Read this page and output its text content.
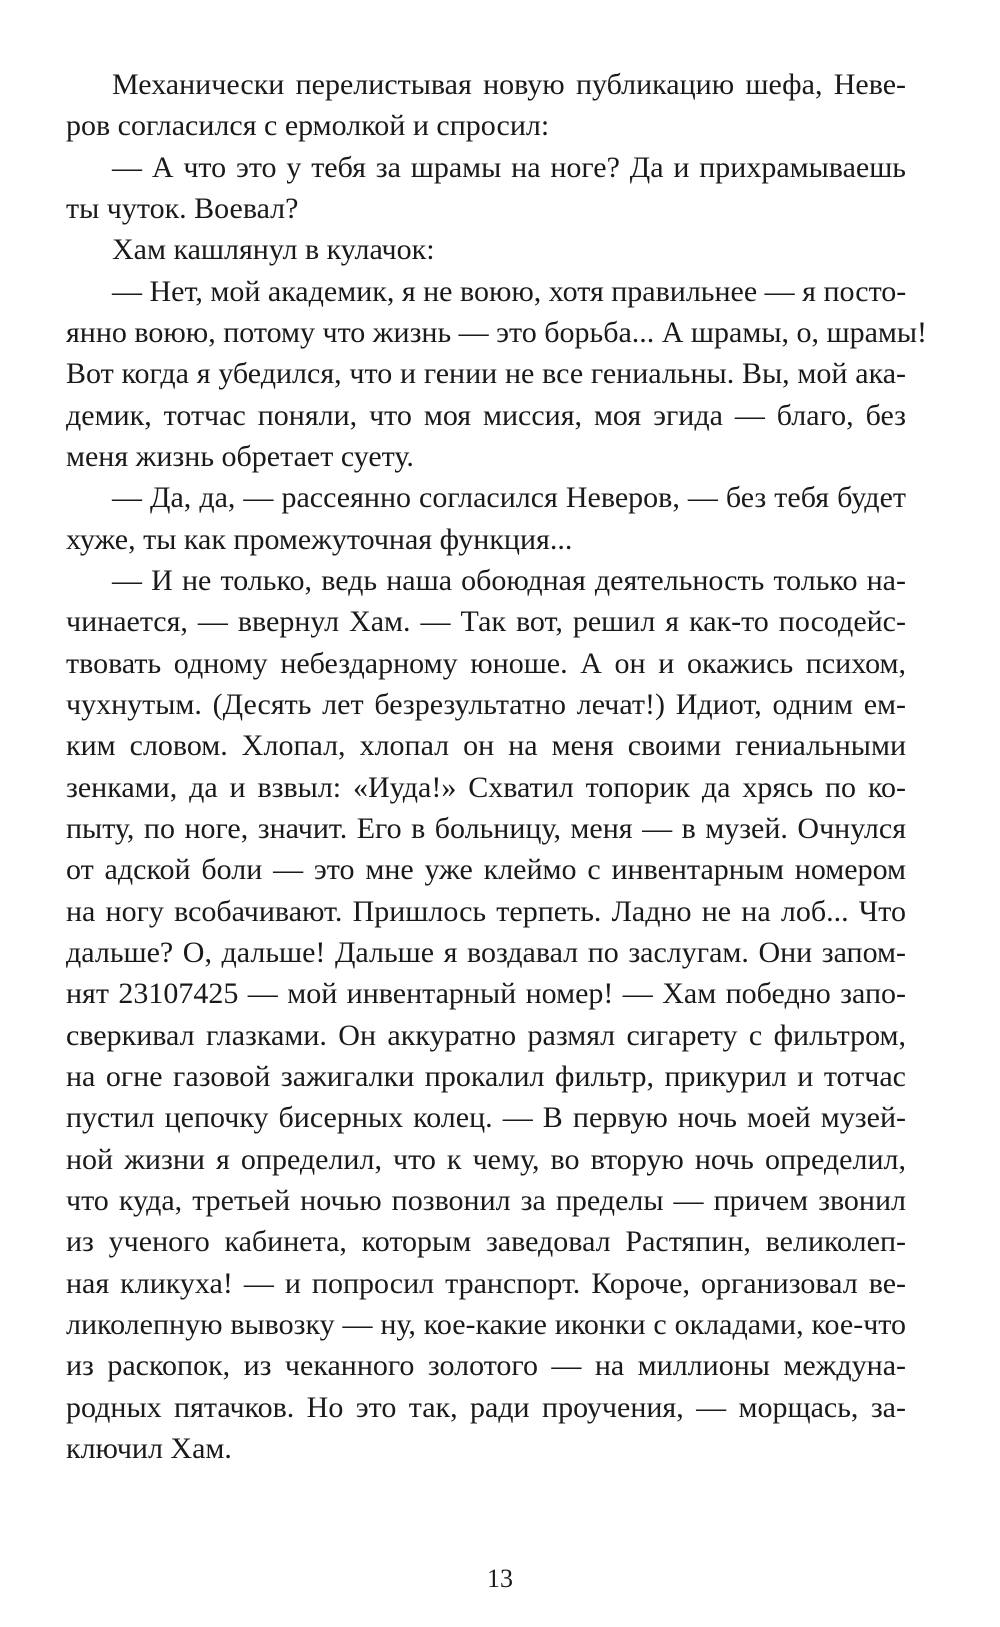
Механически перелистывая новую публикацию шефа, Неве-
ров согласился с ермолкой и спросил:
— А что это у тебя за шрамы на ноге? Да и прихрамываешь
ты чуток. Воевал?
Хам кашлянул в кулачок:
— Нет, мой академик, я не воюю, хотя правильнее — я посто-
янно воюю, потому что жизнь — это борьба... А шрамы, о, шрамы!
Вот когда я убедился, что и гении не все гениальны. Вы, мой ака-
демик, тотчас поняли, что моя миссия, моя эгида — благо, без
меня жизнь обретает суету.
— Да, да, — рассеянно согласился Неверов, — без тебя будет
хуже, ты как промежуточная функция...
— И не только, ведь наша обоюдная деятельность только на-
чинается, — ввернул Хам. — Так вот, решил я как-то посодейс-
твовать одному небездарному юноше. А он и окажись психом,
чухнутым. (Десять лет безрезультатно лечат!) Идиот, одним ем-
ким словом. Хлопал, хлопал он на меня своими гениальными
зенками, да и взвыл: «Иуда!» Схватил топорик да хрясь по ко-
пыту, по ноге, значит. Его в больницу, меня — в музей. Очнулся
от адской боли — это мне уже клеймо с инвентарным номером
на ногу всобачивают. Пришлось терпеть. Ладно не на лоб... Что
дальше? О, дальше! Дальше я воздавал по заслугам. Они запом-
нят 23107425 — мой инвентарный номер! — Хам победно запо-
сверкивал глазками. Он аккуратно размял сигарету с фильтром,
на огне газовой зажигалки прокалил фильтр, прикурил и тотчас
пустил цепочку бисерных колец. — В первую ночь моей музей-
ной жизни я определил, что к чему, во вторую ночь определил,
что куда, третьей ночью позвонил за пределы — причем звонил
из ученого кабинета, которым заведовал Растяпин, великолеп-
ная кликуха! — и попросил транспорт. Короче, организовал ве-
ликолепную вывозку — ну, кое-какие иконки с окладами, кое-что
из раскопок, из чеканного золотого — на миллионы междуна-
родных пятачков. Но это так, ради проучения, — морщась, за-
ключил Хам.
13
